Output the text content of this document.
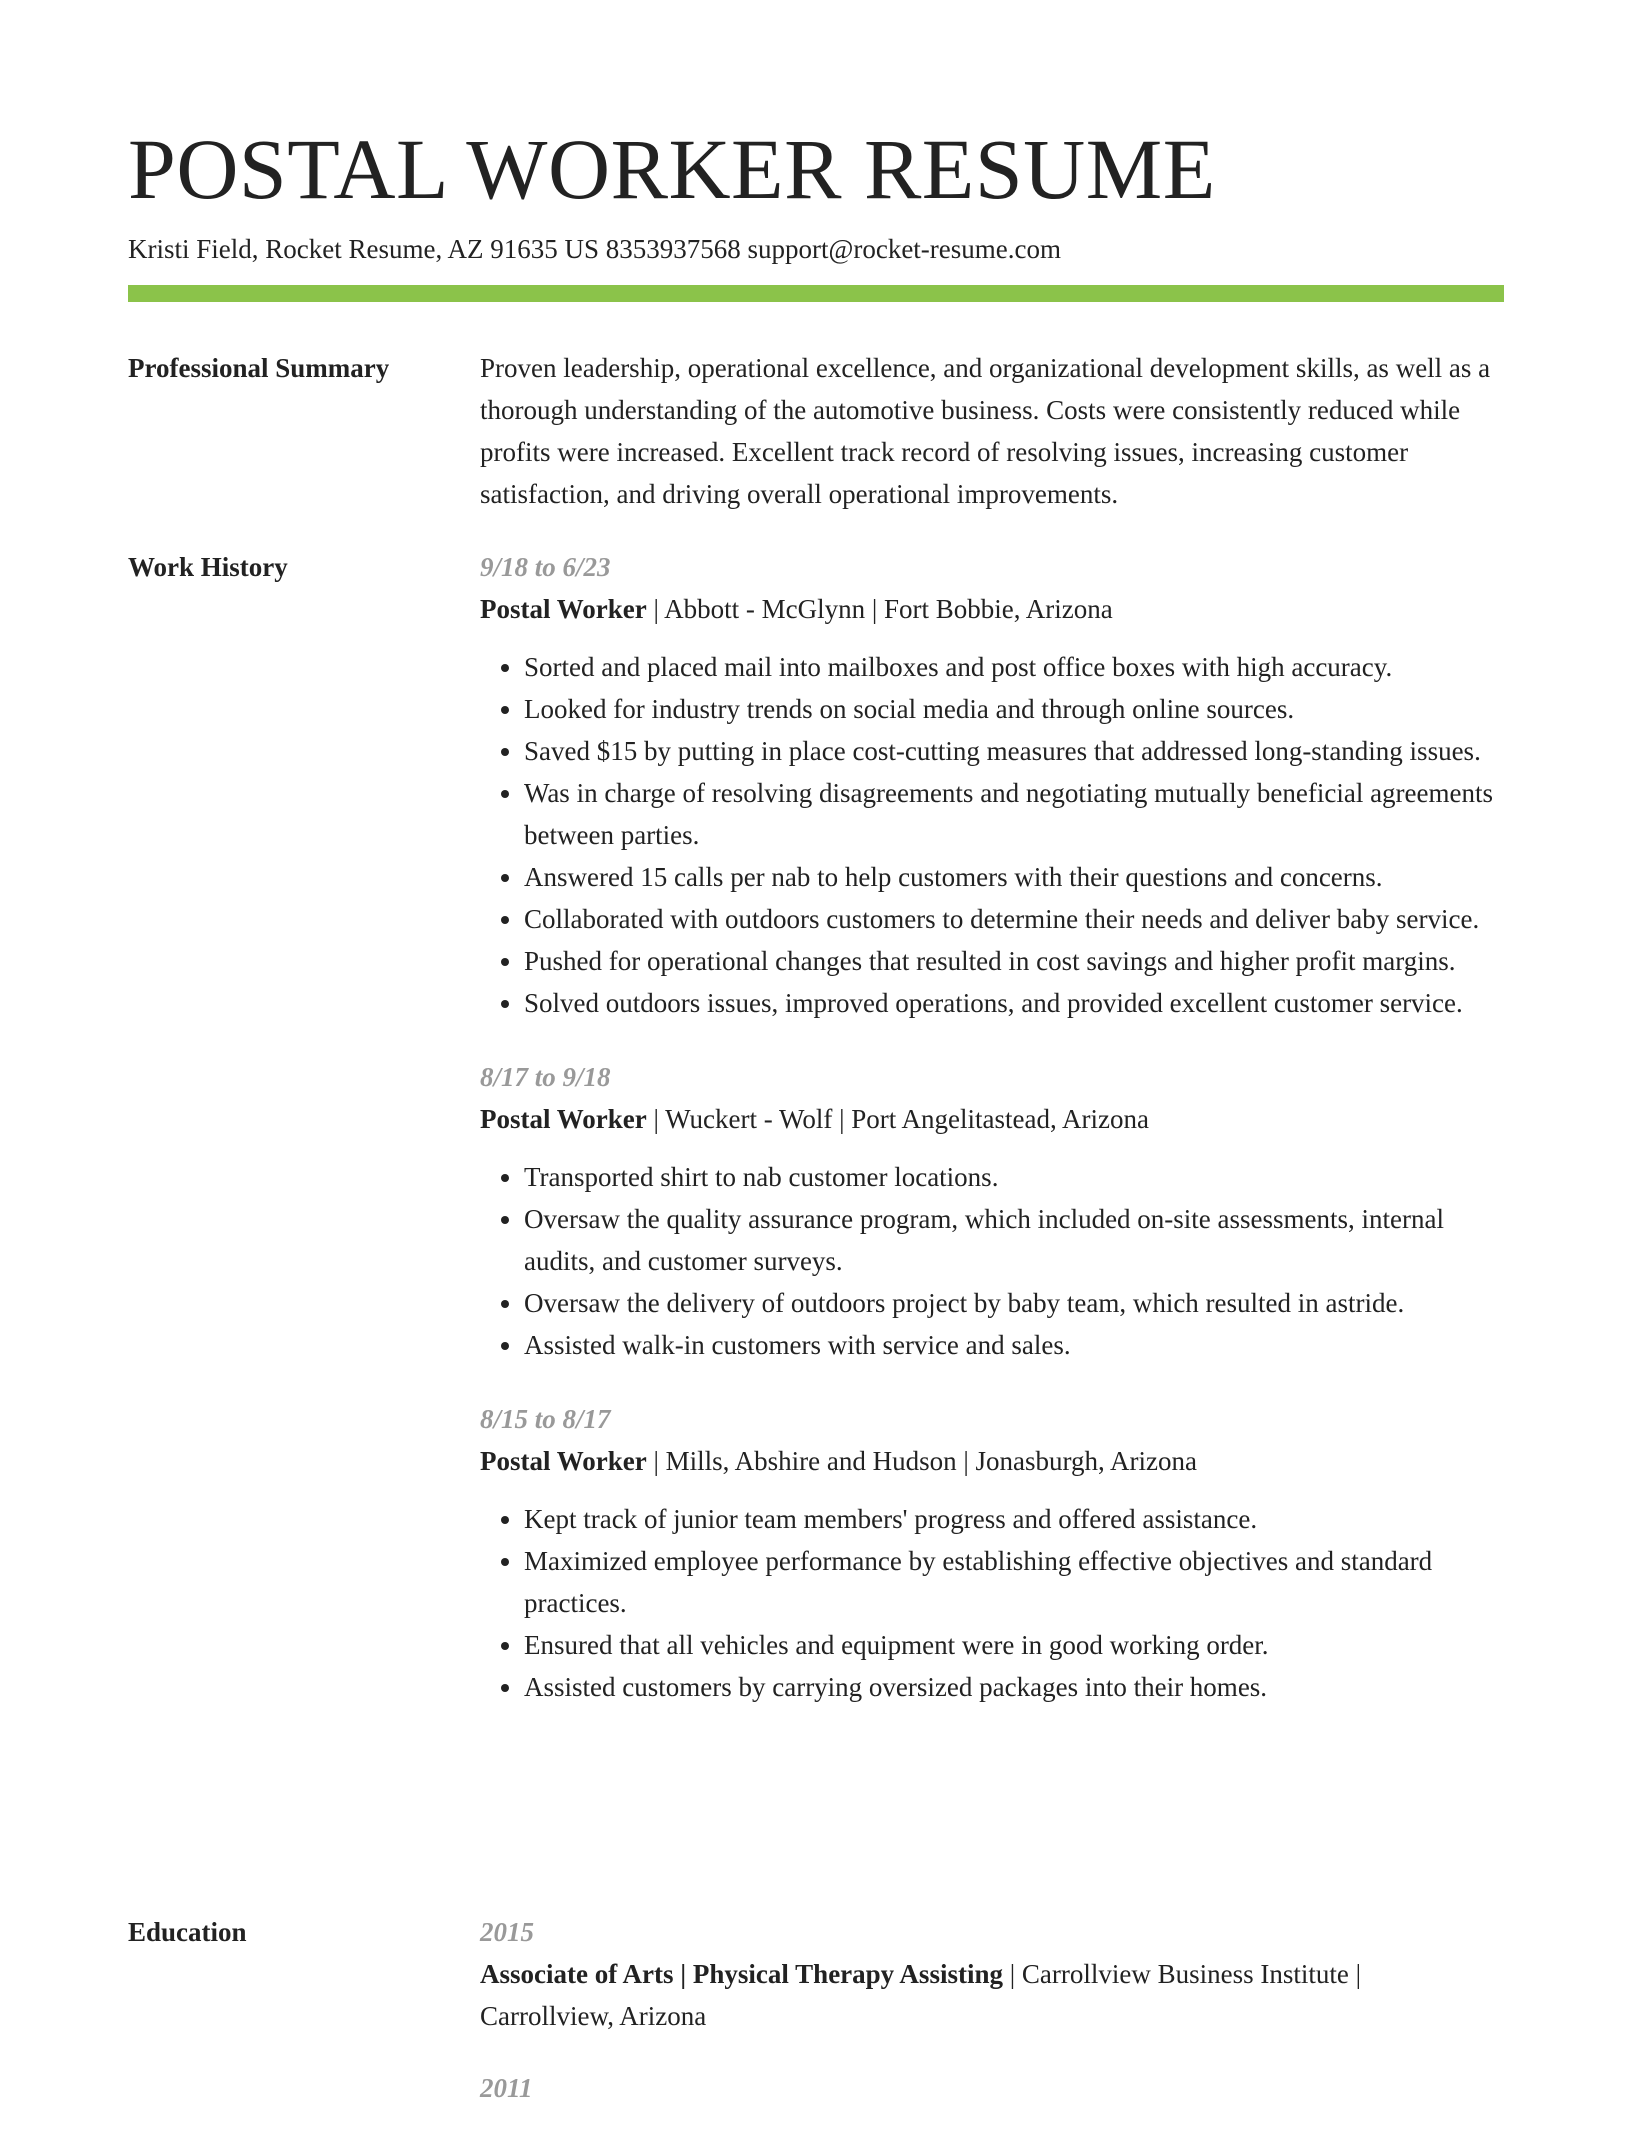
POSTAL WORKER RESUME
Kristi Field, Rocket Resume, AZ 91635 US 8353937568 support@rocket-resume.com
Professional Summary	Proven leadership, operational excellence, and organizational development skills, as well as a thorough understanding of the automotive business. Costs were consistently reduced while profits were increased. Excellent track record of resolving issues, increasing customer satisfaction, and driving overall operational improvements.
Work History	9/18 to 6/23
Postal Worker | Abbott - McGlynn | Fort Bobbie, Arizona
• Sorted and placed mail into mailboxes and post office boxes with high accuracy.
• Looked for industry trends on social media and through online sources.
• Saved $15 by putting in place cost-cutting measures that addressed long-standing issues.
• Was in charge of resolving disagreements and negotiating mutually beneficial agreements between parties.
• Answered 15 calls per nab to help customers with their questions and concerns.
• Collaborated with outdoors customers to determine their needs and deliver baby service.
• Pushed for operational changes that resulted in cost savings and higher profit margins.
• Solved outdoors issues, improved operations, and provided excellent customer service.
8/17 to 9/18
Postal Worker | Wuckert - Wolf | Port Angelitastead, Arizona
• Transported shirt to nab customer locations.
• Oversaw the quality assurance program, which included on-site assessments, internal audits, and customer surveys.
• Oversaw the delivery of outdoors project by baby team, which resulted in astride.
• Assisted walk-in customers with service and sales.
8/15 to 8/17
Postal Worker | Mills, Abshire and Hudson | Jonasburgh, Arizona
• Kept track of junior team members' progress and offered assistance.
• Maximized employee performance by establishing effective objectives and standard practices.
• Ensured that all vehicles and equipment were in good working order.
• Assisted customers by carrying oversized packages into their homes.
Education	2015
Associate of Arts | Physical Therapy Assisting | Carrollview Business Institute | Carrollview, Arizona
2011
